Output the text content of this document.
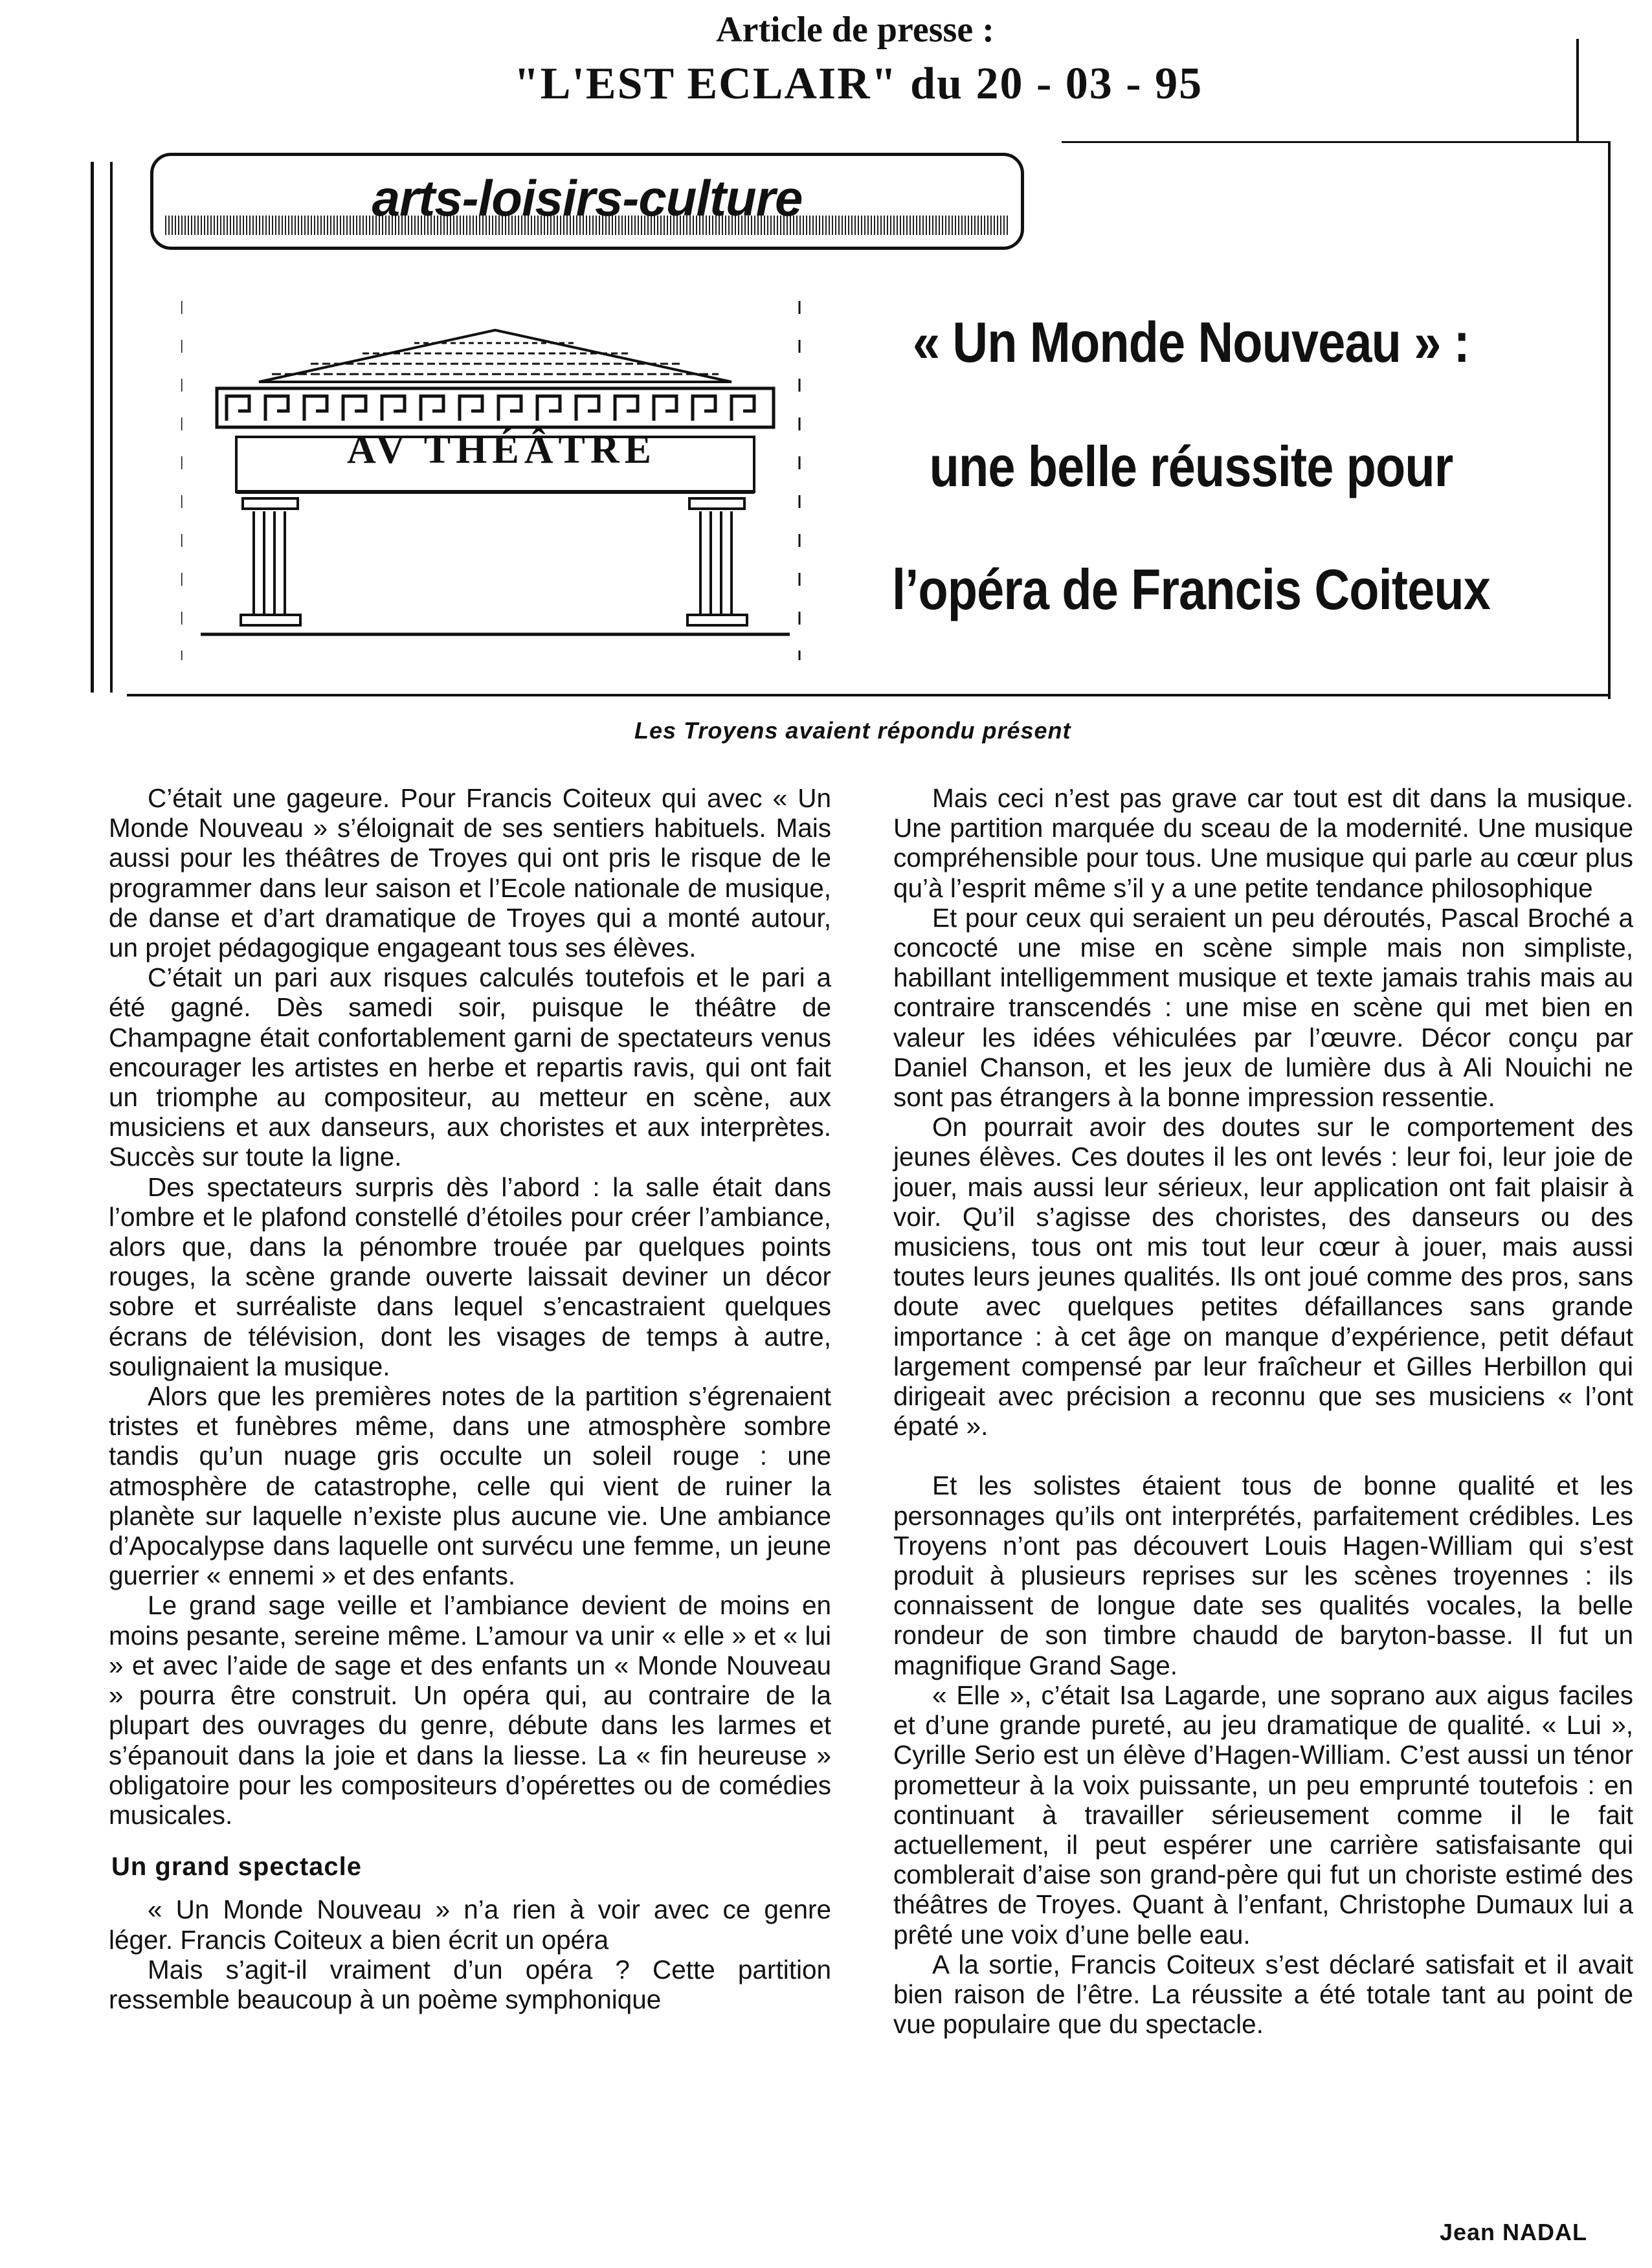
Article de presse :
"L'EST ECLAIR" du 20 - 03 - 95
arts-loisirs-culture
AV THÉÂTRE
« Un Monde Nouveau » :
une belle réussite pour
l’opéra de Francis Coiteux
Les Troyens avaient répondu présent

C’était une gageure. Pour Francis Coiteux qui avec « Un Monde Nouveau » s’éloignait de ses sentiers habituels. Mais aussi pour les théâtres de Troyes qui ont pris le risque de le programmer dans leur saison et l’Ecole nationale de musique, de danse et d’art dramatique de Troyes qui a monté autour, un projet pédagogique engageant tous ses élèves.

C’était un pari aux risques calculés toutefois et le pari a été gagné. Dès samedi soir, puisque le théâtre de Champagne était confortablement garni de spectateurs venus encourager les artistes en herbe et repartis ravis, qui ont fait un triomphe au compositeur, au metteur en scène, aux musiciens et aux danseurs, aux choristes et aux interprètes. Succès sur toute la ligne.

Des spectateurs surpris dès l’abord : la salle était dans l’ombre et le plafond constellé d’étoiles pour créer l’ambiance, alors que, dans la pénombre trouée par quelques points rouges, la scène grande ouverte laissait deviner un décor sobre et surréaliste dans lequel s’encastraient quelques écrans de télévision, dont les visages de temps à autre, soulignaient la musique.

Alors que les premières notes de la partition s’égrenaient tristes et funèbres même, dans une atmosphère sombre tandis qu’un nuage gris occulte un soleil rouge : une atmosphère de catastrophe, celle qui vient de ruiner la planète sur laquelle n’existe plus aucune vie. Une ambiance d’Apocalypse dans laquelle ont survécu une femme, un jeune guerrier « ennemi » et des enfants.

Le grand sage veille et l’ambiance devient de moins en moins pesante, sereine même. L’amour va unir « elle » et « lui » et avec l’aide de sage et des enfants un « Monde Nouveau » pourra être construit. Un opéra qui, au contraire de la plupart des ouvrages du genre, débute dans les larmes et s’épanouit dans la joie et dans la liesse. La « fin heureuse » obligatoire pour les compositeurs d’opérettes ou de comédies musicales.

Un grand spectacle

« Un Monde Nouveau » n’a rien à voir avec ce genre léger. Francis Coiteux a bien écrit un opéra

Mais s’agit-il vraiment d’un opéra ? Cette partition ressemble beaucoup à un poème symphonique

Mais ceci n’est pas grave car tout est dit dans la musique. Une partition marquée du sceau de la modernité. Une musique compréhensible pour tous. Une musique qui parle au cœur plus qu’à l’esprit même s’il y a une petite tendance philosophique

Et pour ceux qui seraient un peu déroutés, Pascal Broché a concocté une mise en scène simple mais non simpliste, habillant intelligemment musique et texte jamais trahis mais au contraire transcendés : une mise en scène qui met bien en valeur les idées véhiculées par l’œuvre. Décor conçu par Daniel Chanson, et les jeux de lumière dus à Ali Nouichi ne sont pas étrangers à la bonne impression ressentie.

On pourrait avoir des doutes sur le comportement des jeunes élèves. Ces doutes il les ont levés : leur foi, leur joie de jouer, mais aussi leur sérieux, leur application ont fait plaisir à voir. Qu’il s’agisse des choristes, des danseurs ou des musiciens, tous ont mis tout leur cœur à jouer, mais aussi toutes leurs jeunes qualités. Ils ont joué comme des pros, sans doute avec quelques petites défaillances sans grande importance : à cet âge on manque d’expérience, petit défaut largement compensé par leur fraîcheur et Gilles Herbillon qui dirigeait avec précision a reconnu que ses musiciens « l’ont épaté ».

Et les solistes étaient tous de bonne qualité et les personnages qu’ils ont interprétés, parfaitement crédibles. Les Troyens n’ont pas découvert Louis Hagen-William qui s’est produit à plusieurs reprises sur les scènes troyennes : ils connaissent de longue date ses qualités vocales, la belle rondeur de son timbre chaudd de baryton-basse. Il fut un magnifique Grand Sage.

« Elle », c’était Isa Lagarde, une soprano aux aigus faciles et d’une grande pureté, au jeu dramatique de qualité. « Lui », Cyrille Serio est un élève d’Hagen-William. C’est aussi un ténor prometteur à la voix puissante, un peu emprunté toutefois : en continuant à travailler sérieusement comme il le fait actuellement, il peut espérer une carrière satisfaisante qui comblerait d’aise son grand-père qui fut un choriste estimé des théâtres de Troyes. Quant à l’enfant, Christophe Dumaux lui a prêté une voix d’une belle eau.

A la sortie, Francis Coiteux s’est déclaré satisfait et il avait bien raison de l’être. La réussite a été totale tant au point de vue populaire que du spectacle.

Jean NADAL
